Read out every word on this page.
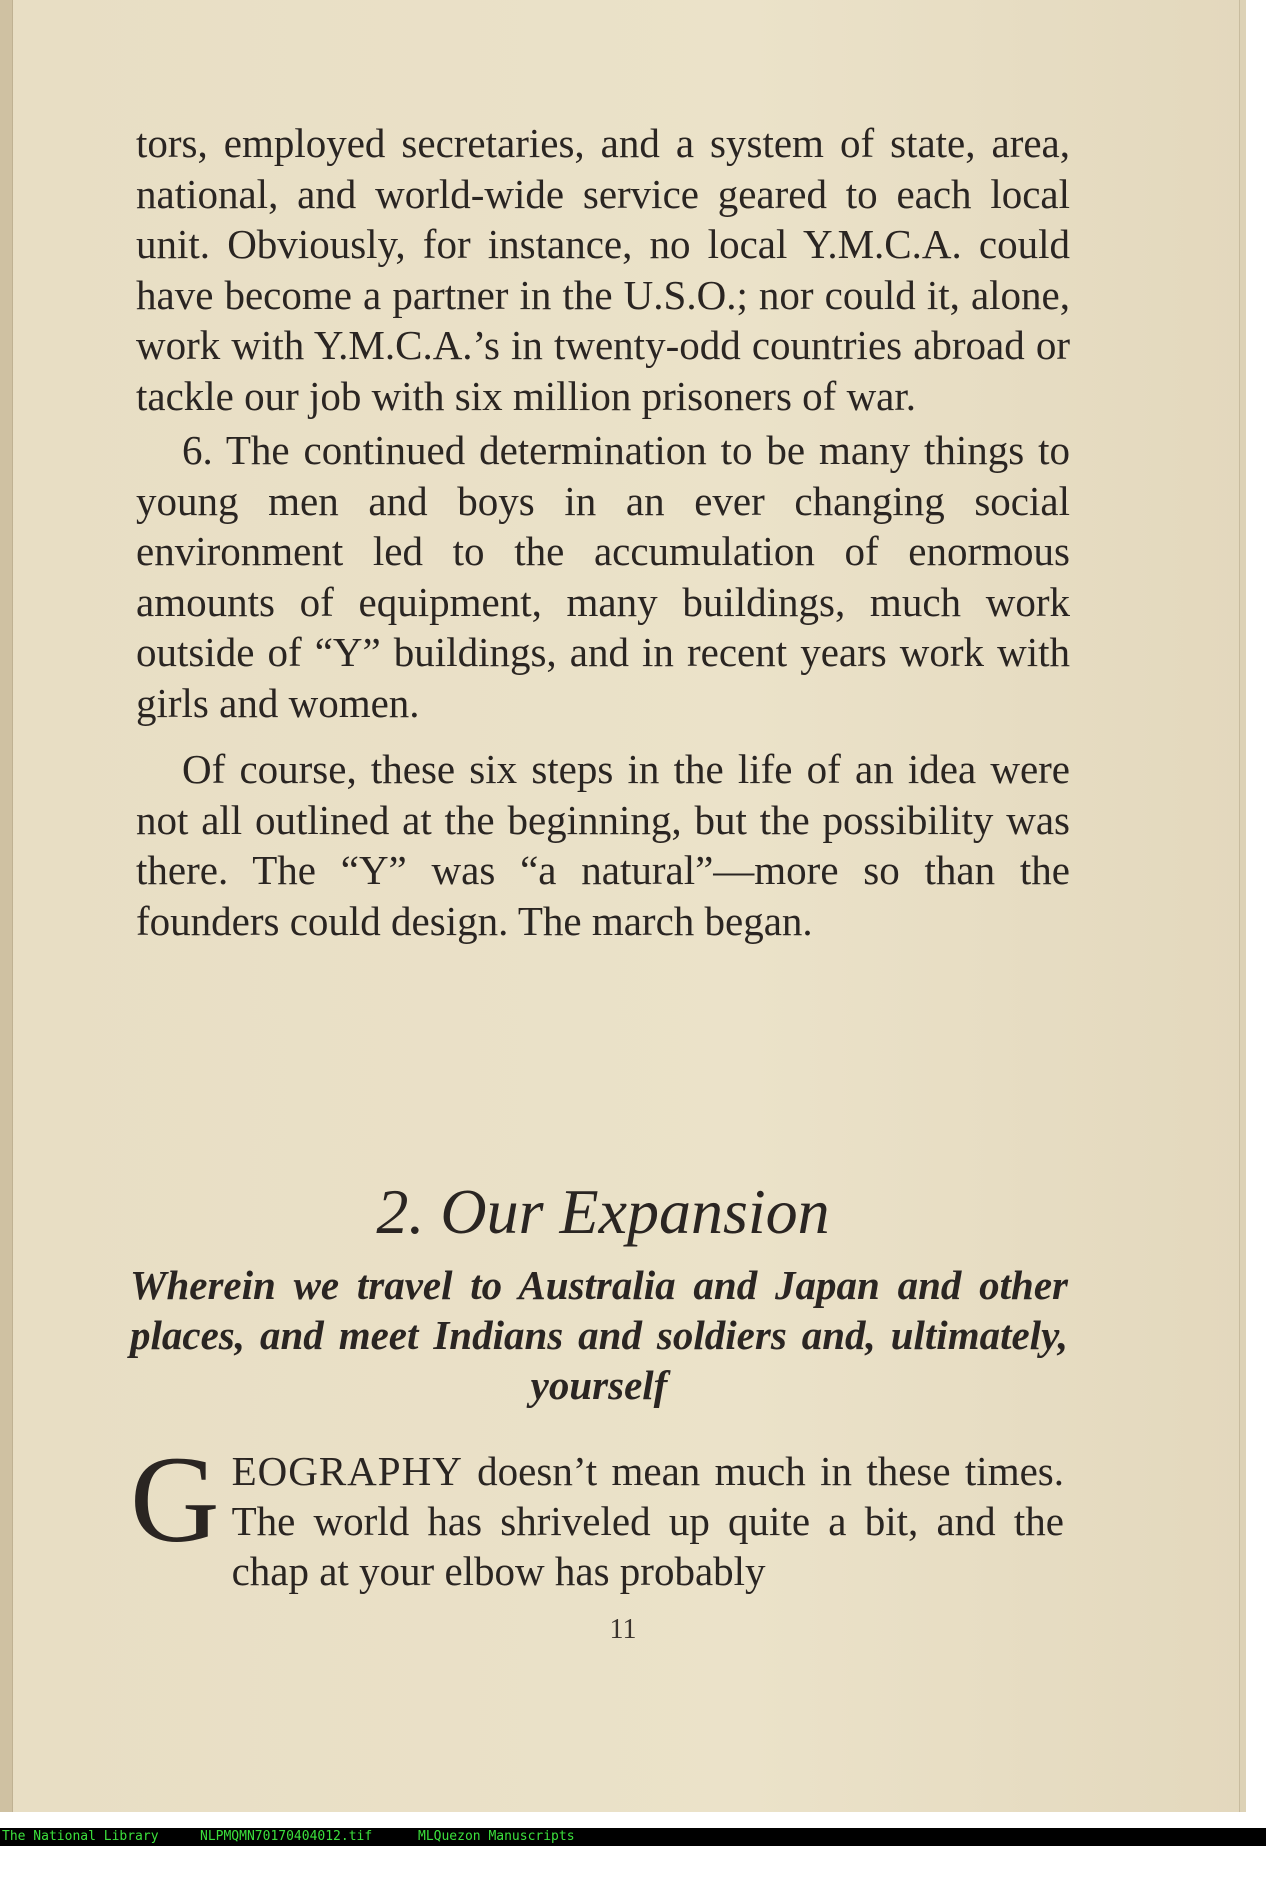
tors, employed secretaries, and a system of state, area, national, and world-wide service geared to each local unit. Obviously, for instance, no local Y.M.C.A. could have become a partner in the U.S.O.; nor could it, alone, work with Y.M.C.A.’s in twenty-odd countries abroad or tackle our job with six million prisoners of war.

6. The continued determination to be many things to young men and boys in an ever changing social environment led to the accumulation of enormous amounts of equipment, many buildings, much work outside of “Y” buildings, and in recent years work with girls and women.

Of course, these six steps in the life of an idea were not all outlined at the beginning, but the possibility was there. The “Y” was “a natural”—more so than the founders could design. The march began.

2. Our Expansion
Wherein we travel to Australia and Japan and other places, and meet Indians and soldiers and, ultimately, yourself
GEOGRAPHY doesn’t mean much in these times. The world has shriveled up quite a bit, and the chap at your elbow has probably
11

The National Library

	NLPMQMN70170404012.tif

	MLQuezon Manuscripts
